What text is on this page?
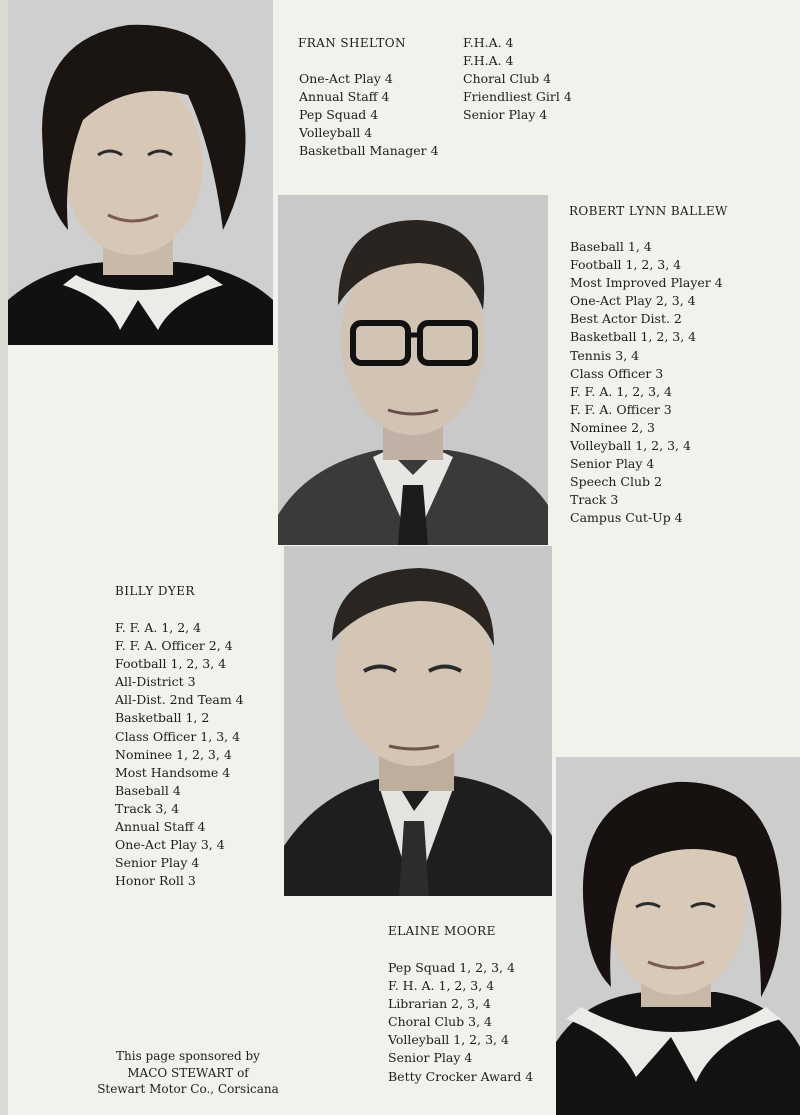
FRAN SHELTON
One-Act Play 4
Annual Staff 4
Pep Squad 4
Volleyball 4
Basketball Manager 4
F.H.A. 4
F.H.A. 4
Choral Club 4
Friendliest Girl 4
Senior Play 4
ROBERT LYNN BALLEW
Baseball 1, 4
Football 1, 2, 3, 4
Most Improved Player 4
One-Act Play 2, 3, 4
Best Actor Dist. 2
Basketball 1, 2, 3, 4
Tennis 3, 4
Class Officer 3
F. F. A. 1, 2, 3, 4
F. F. A. Officer 3
Nominee 2, 3
Volleyball 1, 2, 3, 4
Senior Play 4
Speech Club 2
Track 3
Campus Cut-Up 4
BILLY DYER
F. F. A. 1, 2, 4
F. F. A. Officer 2, 4
Football 1, 2, 3, 4
All-District 3
All-Dist. 2nd Team 4
Basketball 1, 2
Class Officer 1, 3, 4
Nominee 1, 2, 3, 4
Most Handsome 4
Baseball 4
Track 3, 4
Annual Staff 4
One-Act Play 3, 4
Senior Play 4
Honor Roll 3
ELAINE MOORE
Pep Squad 1, 2, 3, 4
F. H. A. 1, 2, 3, 4
Librarian 2, 3, 4
Choral Club 3, 4
Volleyball 1, 2, 3, 4
Senior Play 4
Betty Crocker Award 4
This page sponsored by
MACO STEWART of
Stewart Motor Co., Corsicana
